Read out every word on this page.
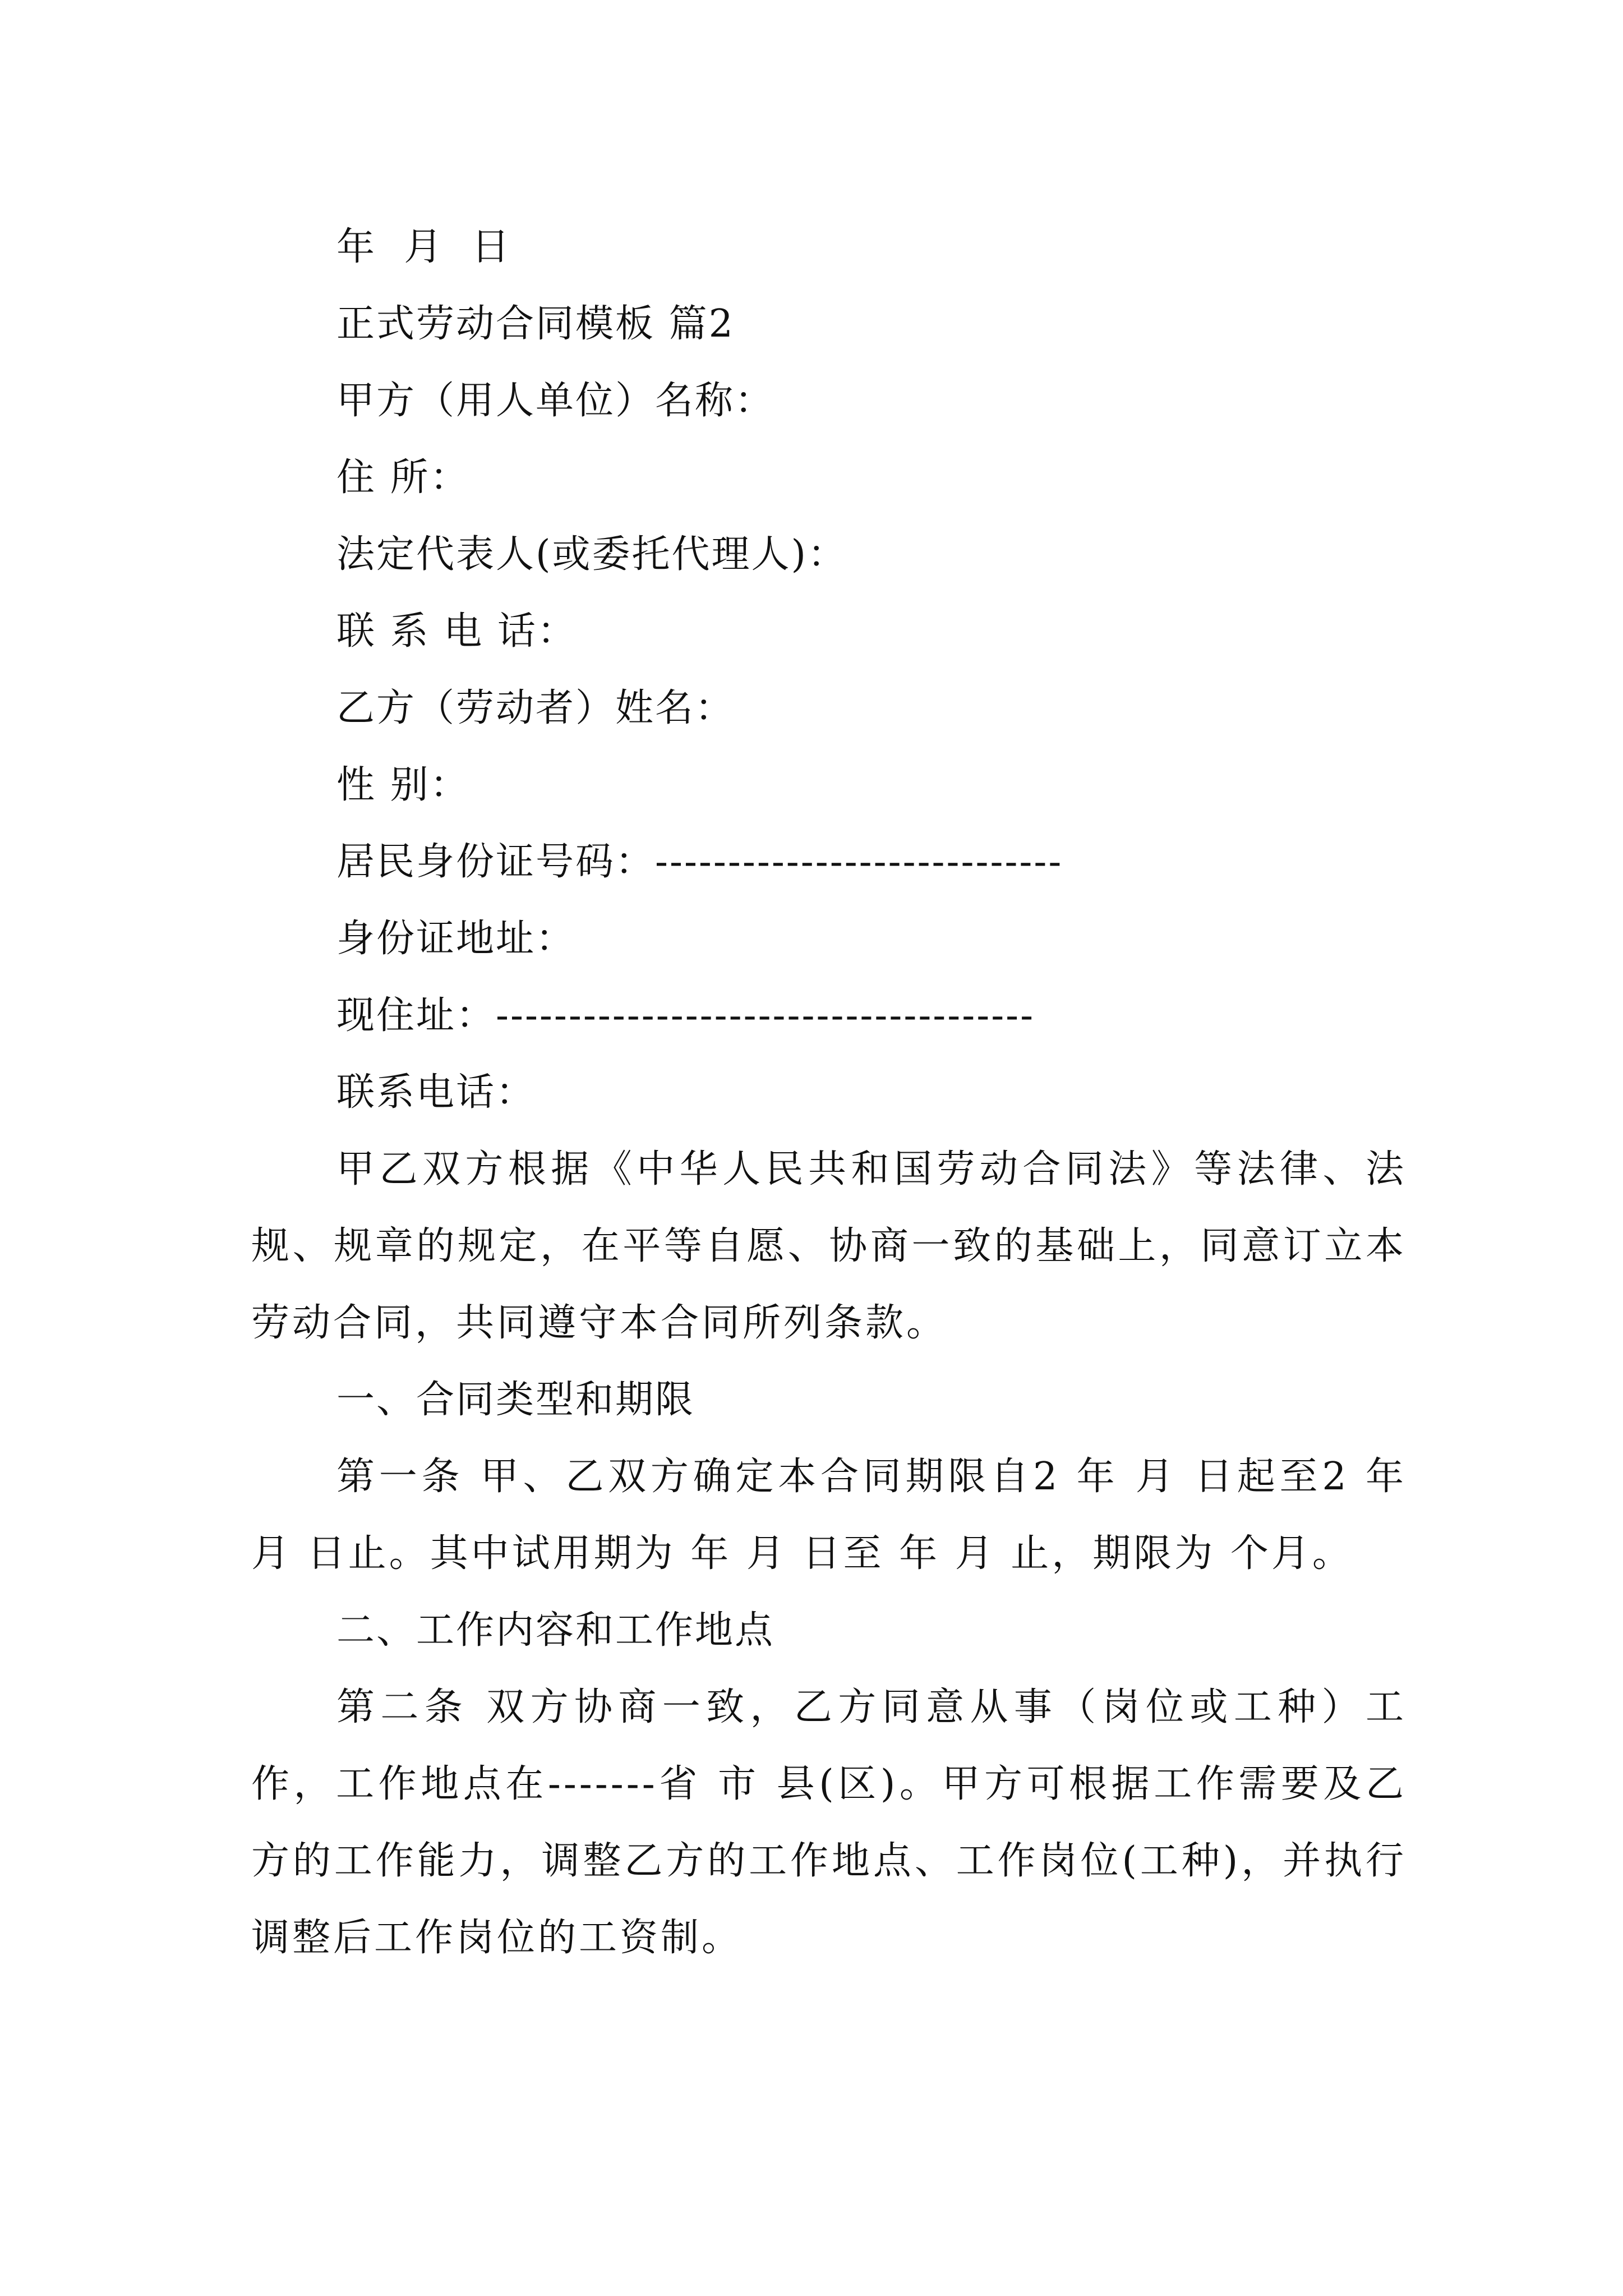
年  月  日
正式劳动合同模板 篇2
甲方（用人单位）名称：
住 所：
法定代表人(或委托代理人)：
联 系 电 话：
乙方（劳动者）姓名：
性 别：
居民身份证号码：----------------------------
身份证地址：
现住址：-------------------------------------
联系电话：

甲乙双方根据《中华人民共和国劳动合同法》等法律、法规、规章的规定，在平等自愿、协商一致的基础上，同意订立本劳动合同，共同遵守本合同所列条款。

一、合同类型和期限

第一条 甲、乙双方确定本合同期限自2 年 月 日起至2 年 月 日止。其中试用期为 年 月 日至 年 月 止，期限为 个月。

二、工作内容和工作地点

第二条 双方协商一致，乙方同意从事（岗位或工种）工作，工作地点在-------省 市 县(区)。甲方可根据工作需要及乙方的工作能力，调整乙方的工作地点、工作岗位(工种)，并执行调整后工作岗位的工资制。
